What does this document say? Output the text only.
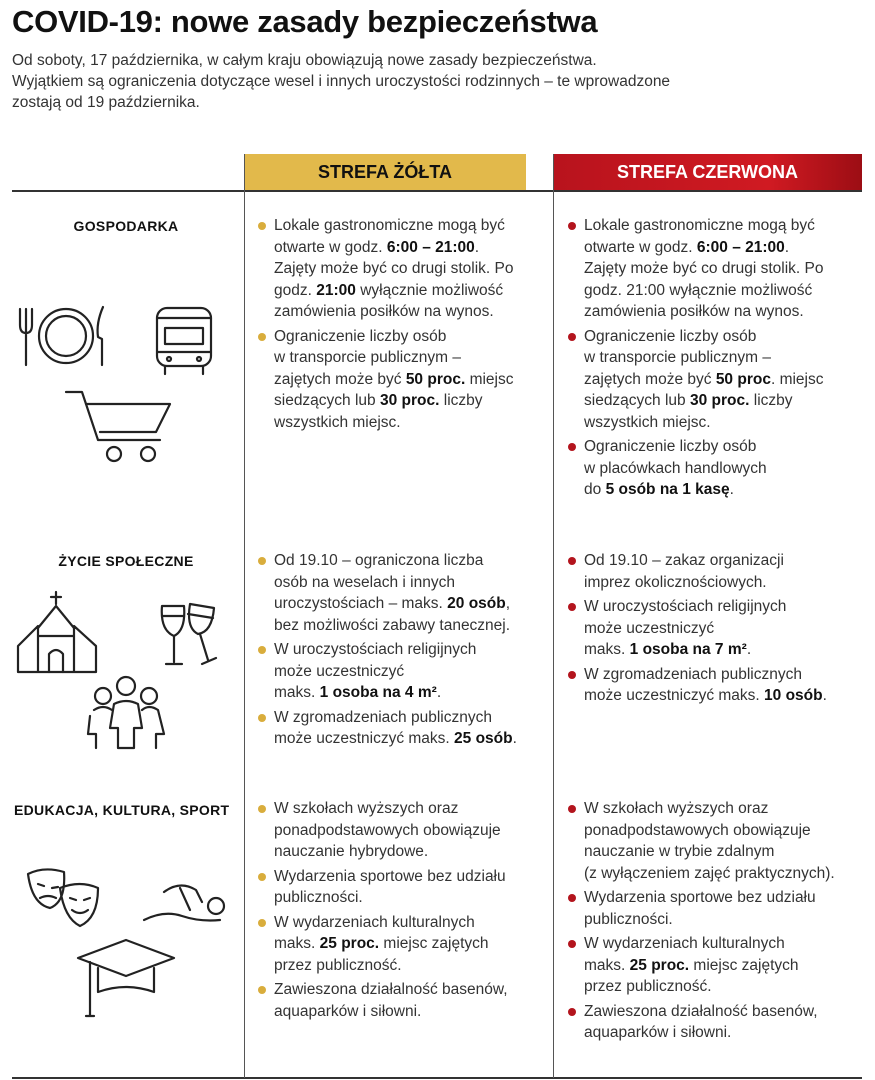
COVID-19: nowe zasady bezpieczeństwa
Od soboty, 17 października, w całym kraju obowiązują nowe zasady bezpieczeństwa.
Wyjątkiem są ograniczenia dotyczące wesel i innych uroczystości rodzinnych – te wprowadzone
zostają od 19 października.
STREFA ŻÓŁTA	STREFA CZERWONA
GOSPODARKA
ŻYCIE SPOŁECZNE
EDUKACJA, KULTURA, SPORT
Lokale gastronomiczne mogą być
otwarte w godz. 6:00 – 21:00.
Zajęty może być co drugi stolik. Po
godz. 21:00 wyłącznie możliwość
zamówienia posiłków na wynos.
Ograniczenie liczby osób
w transporcie publicznym –
zajętych może być 50 proc. miejsc
siedzących lub 30 proc. liczby
wszystkich miejsc.
Lokale gastronomiczne mogą być
otwarte w godz. 6:00 – 21:00.
Zajęty może być co drugi stolik. Po
godz. 21:00 wyłącznie możliwość
zamówienia posiłków na wynos.
Ograniczenie liczby osób
w transporcie publicznym –
zajętych może być 50 proc. miejsc
siedzących lub 30 proc. liczby
wszystkich miejsc.
Ograniczenie liczby osób
w placówkach handlowych
do 5 osób na 1 kasę.
Od 19.10 – ograniczona liczba
osób na weselach i innych
uroczystościach – maks. 20 osób,
bez możliwości zabawy tanecznej.
W uroczystościach religijnych
może uczestniczyć
maks. 1 osoba na 4 m².
W zgromadzeniach publicznych
może uczestniczyć maks. 25 osób.
Od 19.10 – zakaz organizacji
imprez okolicznościowych.
W uroczystościach religijnych
może uczestniczyć
maks. 1 osoba na 7 m².
W zgromadzeniach publicznych
może uczestniczyć maks. 10 osób.
W szkołach wyższych oraz
ponadpodstawowych obowiązuje
nauczanie hybrydowe.
Wydarzenia sportowe bez udziału
publiczności.
W wydarzeniach kulturalnych
maks. 25 proc. miejsc zajętych
przez publiczność.
Zawieszona działalność basenów,
aquaparków i siłowni.
W szkołach wyższych oraz
ponadpodstawowych obowiązuje
nauczanie w trybie zdalnym
(z wyłączeniem zajęć praktycznych).
Wydarzenia sportowe bez udziału
publiczności.
W wydarzeniach kulturalnych
maks. 25 proc. miejsc zajętych
przez publiczność.
Zawieszona działalność basenów,
aquaparków i siłowni.
